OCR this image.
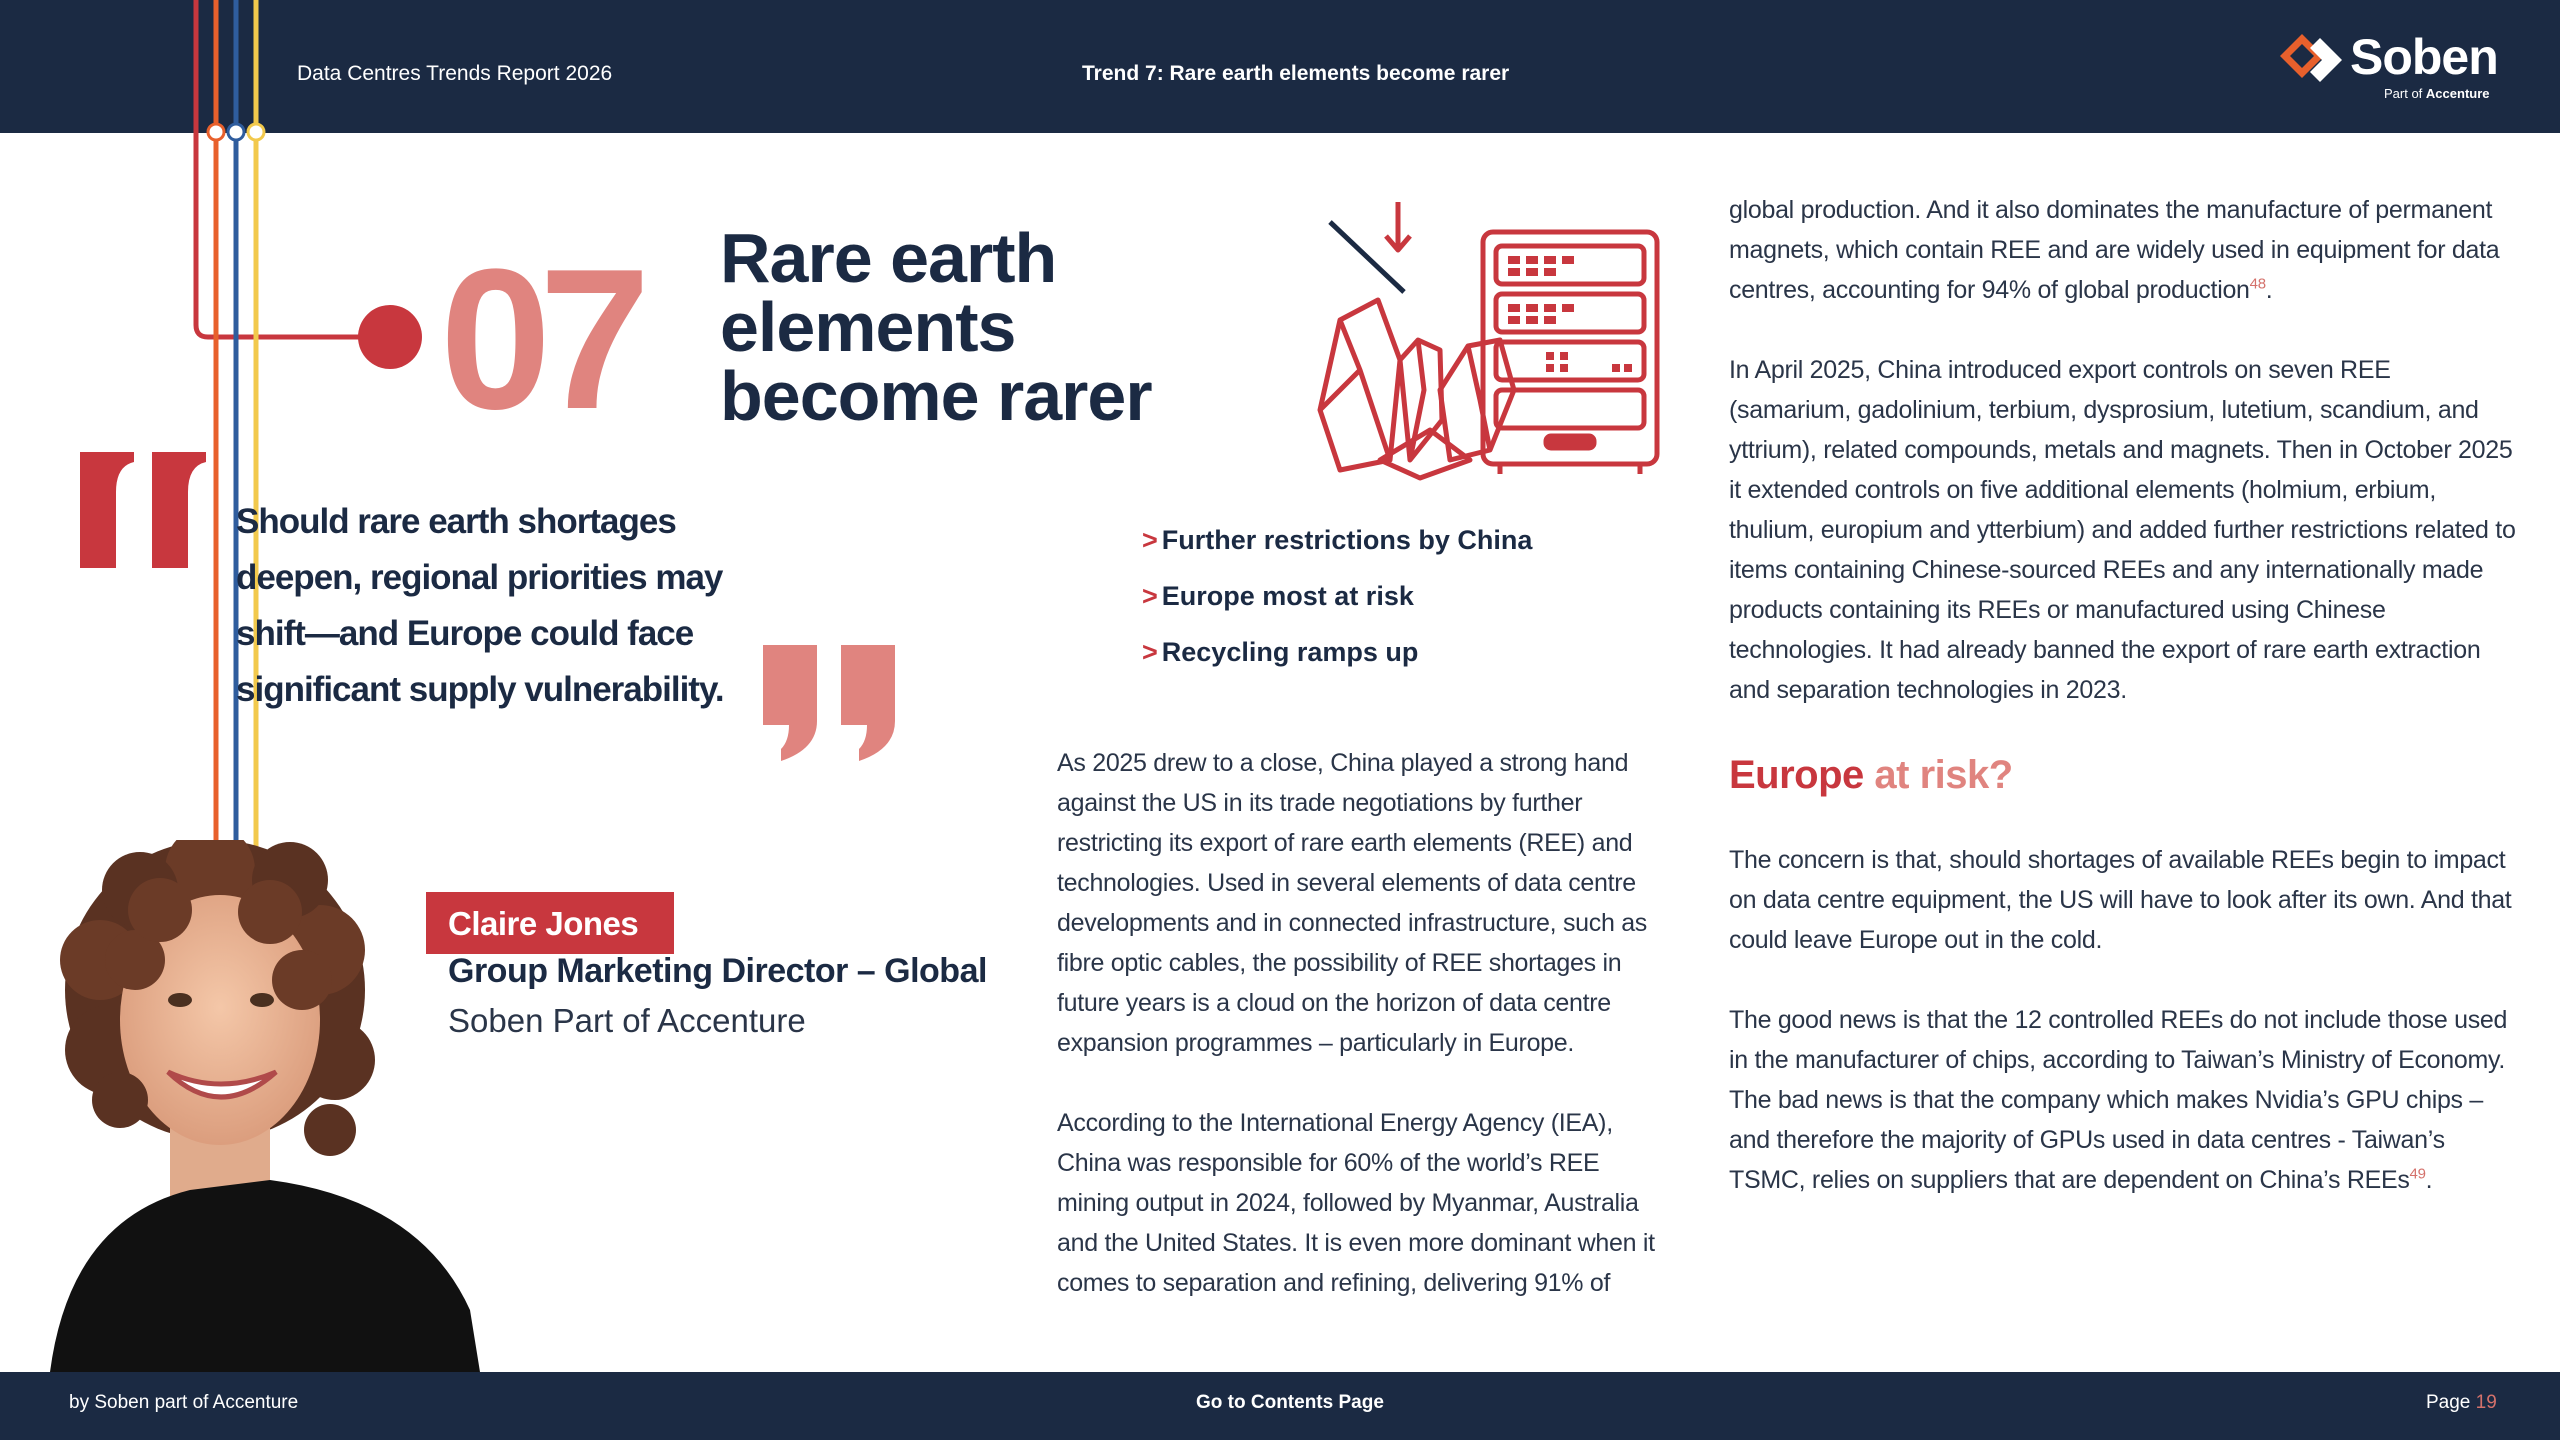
Data Centres Trends Report 2026	Trend 7: Rare earth elements become rarer	Soben
Part of Accenture
07 Rare earth
elements
become rarer
Should rare earth shortages deepen, regional priorities may shift—and Europe could face significant supply vulnerability.
Claire Jones
Group Marketing Director – Global
Soben Part of Accenture
> Further restrictions by China
> Europe most at risk
> Recycling ramps up

As 2025 drew to a close, China played a strong hand against the US in its trade negotiations by further restricting its export of rare earth elements (REE) and technologies. Used in several elements of data centre developments and in connected infrastructure, such as fibre optic cables, the possibility of REE shortages in future years is a cloud on the horizon of data centre expansion programmes – particularly in Europe.

According to the International Energy Agency (IEA), China was responsible for 60% of the world’s REE mining output in 2024, followed by Myanmar, Australia and the United States. It is even more dominant when it comes to separation and refining, delivering 91% of

global production. And it also dominates the manufacture of permanent magnets, which contain REE and are widely used in equipment for data centres, accounting for 94% of global production$^{48}$.

In April 2025, China introduced export controls on seven REE (samarium, gadolinium, terbium, dysprosium, lutetium, scandium, and yttrium), related compounds, metals and magnets. Then in October 2025 it extended controls on five additional elements (holmium, erbium, thulium, europium and ytterbium) and added further restrictions related to items containing Chinese-sourced REEs and any internationally made products containing its REEs or manufactured using Chinese technologies. It had already banned the export of rare earth extraction and separation technologies in 2023.

Europe at risk?

The concern is that, should shortages of available REEs begin to impact on data centre equipment, the US will have to look after its own. And that could leave Europe out in the cold.

The good news is that the 12 controlled REEs do not include those used in the manufacturer of chips, according to Taiwan’s Ministry of Economy. The bad news is that the company which makes Nvidia’s GPU chips – and therefore the majority of GPUs used in data centres - Taiwan’s TSMC, relies on suppliers that are dependent on China’s REEs$^{49}$.

by Soben part of Accenture	Go to Contents Page	Page 19
